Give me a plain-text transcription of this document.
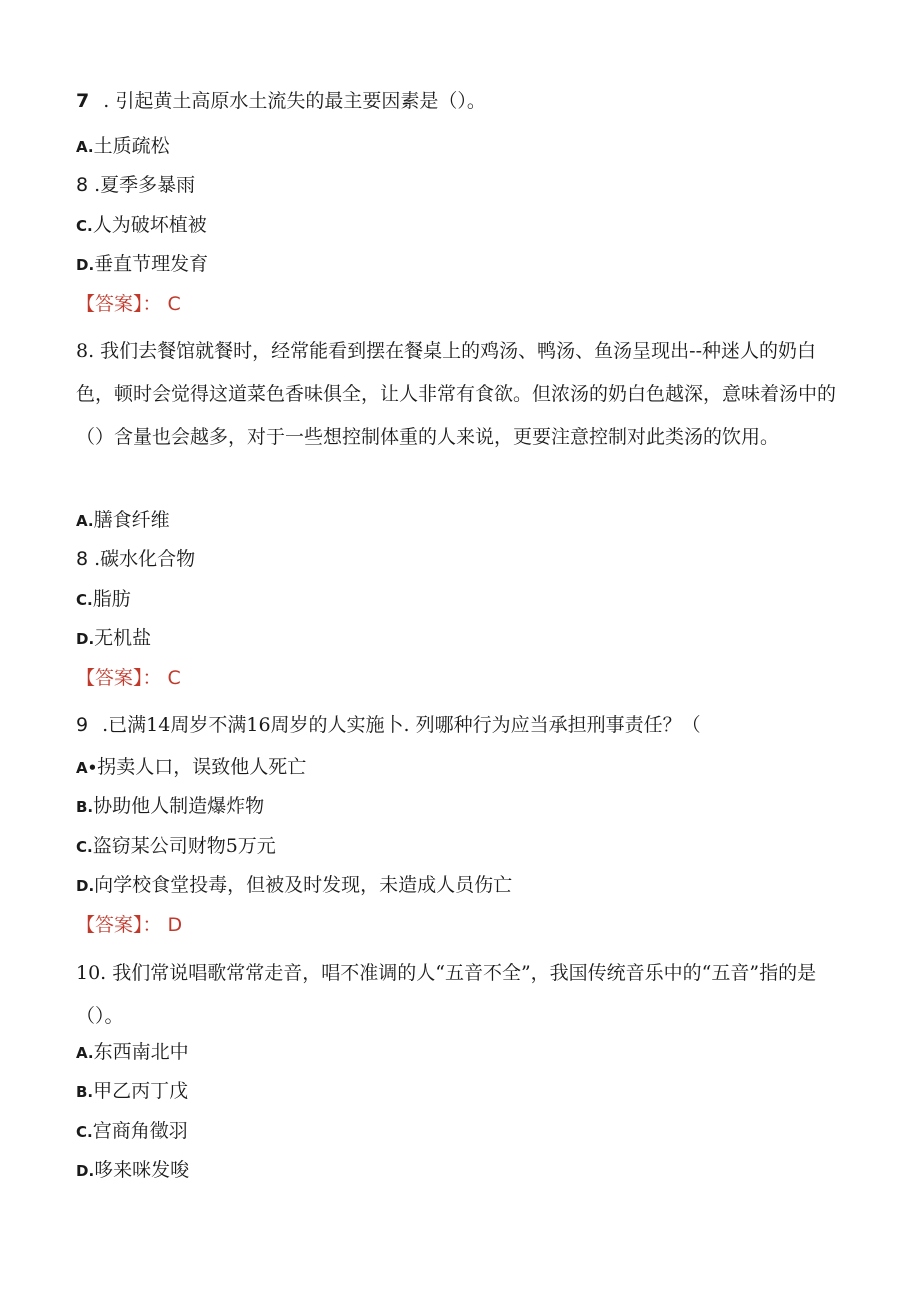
7 . 引起黄土高原水土流失的最主要因素是（）。
A.土质疏松
8 .夏季多暴雨
C.人为破坏植被
D.垂直节理发育
【答案】： C
8. 我们去餐馆就餐时，经常能看到摆在餐桌上的鸡汤、鸭汤、鱼汤呈现出--种迷人的奶白色，顿时会觉得这道菜色香味俱全，让人非常有食欲。但浓汤的奶白色越深，意味着汤中的（）含量也会越多，对于一些想控制体重的人来说，更要注意控制对此类汤的饮用。
A.膳食纤维
8 .碳水化合物
C.脂肪
D.无机盐
【答案】： C
9 .已满14周岁不满16周岁的人实施卜. 列哪种行为应当承担刑事责任？（
A•拐卖人口，误致他人死亡
B.协助他人制造爆炸物
C.盗窃某公司财物5万元
D.向学校食堂投毒，但被及时发现，未造成人员伤亡
【答案】： D
10. 我们常说唱歌常常走音，唱不准调的人“五音不全”，我国传统音乐中的“五音”指的是（）。
A.东西南北中
B.甲乙丙丁戊
C.宫商角徵羽
D.哆来咪发唆
